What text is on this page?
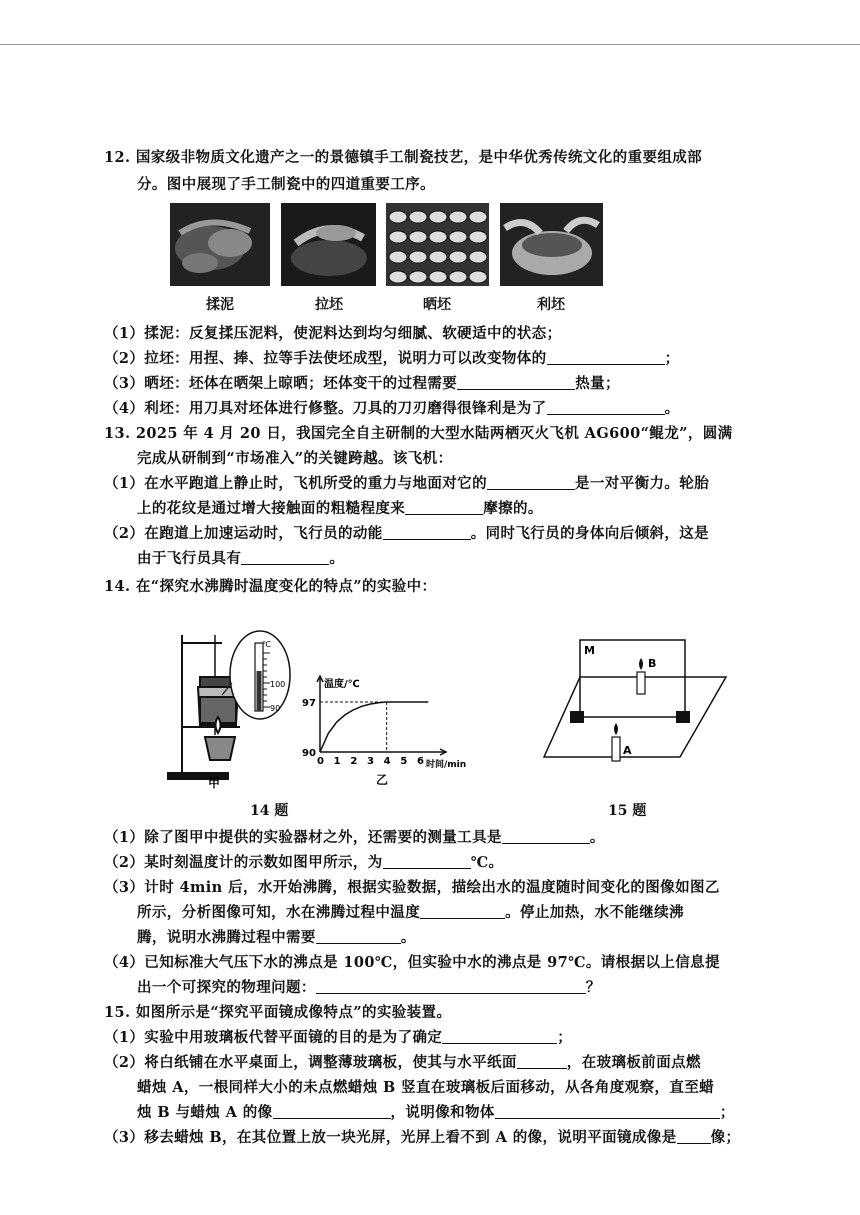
12. 国家级非物质文化遗产之一的景德镇手工制瓷技艺，是中华优秀传统文化的重要组成部
分。图中展现了手工制瓷中的四道重要工序。
揉泥	拉坯	晒坯	利坯
（1）揉泥：反复揉压泥料，使泥料达到均匀细腻、软硬适中的状态；
（2）拉坯：用捏、捧、拉等手法使坯成型，说明力可以改变物体的	；
（3）晒坯：坯体在晒架上晾晒；坯体变干的过程需要	热量；
（4）利坯：用刀具对坯体进行修整。刀具的刀刃磨得很锋利是为了	。
13. 2025 年 4 月 20 日，我国完全自主研制的大型水陆两栖灭火飞机 AG600“鲲龙”，圆满
完成从研制到“市场准入”的关键跨越。该飞机：
（1）在水平跑道上静止时，飞机所受的重力与地面对它的	是一对平衡力。轮胎
上的花纹是通过增大接触面的粗糙程度来	摩擦的。
（2）在跑道上加速运动时，飞行员的动能	。同时飞行员的身体向后倾斜，这是
由于飞行员具有	。
14. 在“探究水沸腾时温度变化的特点”的实验中：
℃
100
90
甲
温度/℃
时间/min
0 1 2 3 4 5 6
90
97
乙
M
B
A
14 题	15 题
（1）除了图甲中提供的实验器材之外，还需要的测量工具是	。
（2）某时刻温度计的示数如图甲所示，为	℃。
（3）计时 4min 后，水开始沸腾，根据实验数据，描绘出水的温度随时间变化的图像如图乙
所示，分析图像可知，水在沸腾过程中温度	。停止加热，水不能继续沸
腾，说明水沸腾过程中需要	。
（4）已知标准大气压下水的沸点是 100℃，但实验中水的沸点是 97℃。请根据以上信息提
出一个可探究的物理问题：	？
15. 如图所示是“探究平面镜成像特点”的实验装置。
（1）实验中用玻璃板代替平面镜的目的是为了确定	；
（2）将白纸铺在水平桌面上，调整薄玻璃板，使其与水平纸面	，在玻璃板前面点燃
蜡烛 A，一根同样大小的未点燃蜡烛 B 竖直在玻璃板后面移动，从各角度观察，直至蜡
烛 B 与蜡烛 A 的像	，说明像和物体	；
（3）移去蜡烛 B，在其位置上放一块光屏，光屏上看不到 A 的像，说明平面镜成像是 像；
